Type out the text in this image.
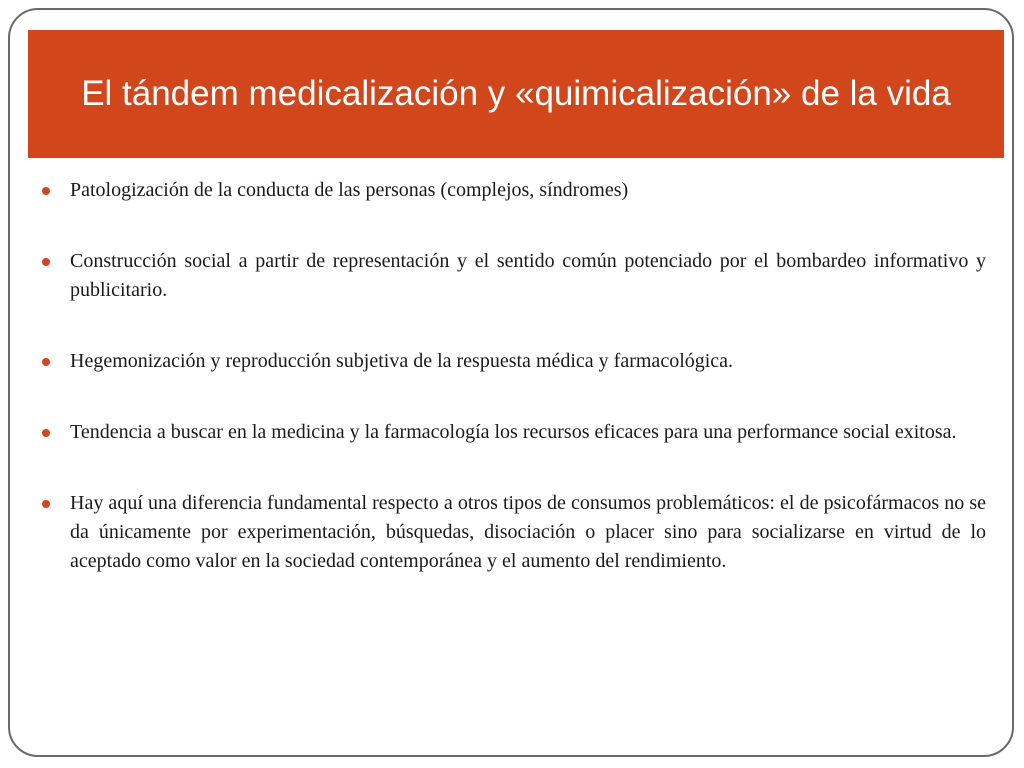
El tándem medicalización y «quimicalización» de la vida
Patologización de la conducta de las personas (complejos, síndromes)
Construcción social a partir de representación y el sentido común potenciado por el bombardeo informativo y publicitario.
Hegemonización y reproducción subjetiva de la respuesta médica y farmacológica.
Tendencia a buscar en la medicina y la farmacología los recursos eficaces para una performance social exitosa.
Hay aquí una diferencia fundamental respecto a otros tipos de consumos problemáticos: el de psicofármacos no se da únicamente por experimentación, búsquedas, disociación o placer sino para socializarse en virtud de lo aceptado como valor en la sociedad contemporánea y el aumento del rendimiento.
